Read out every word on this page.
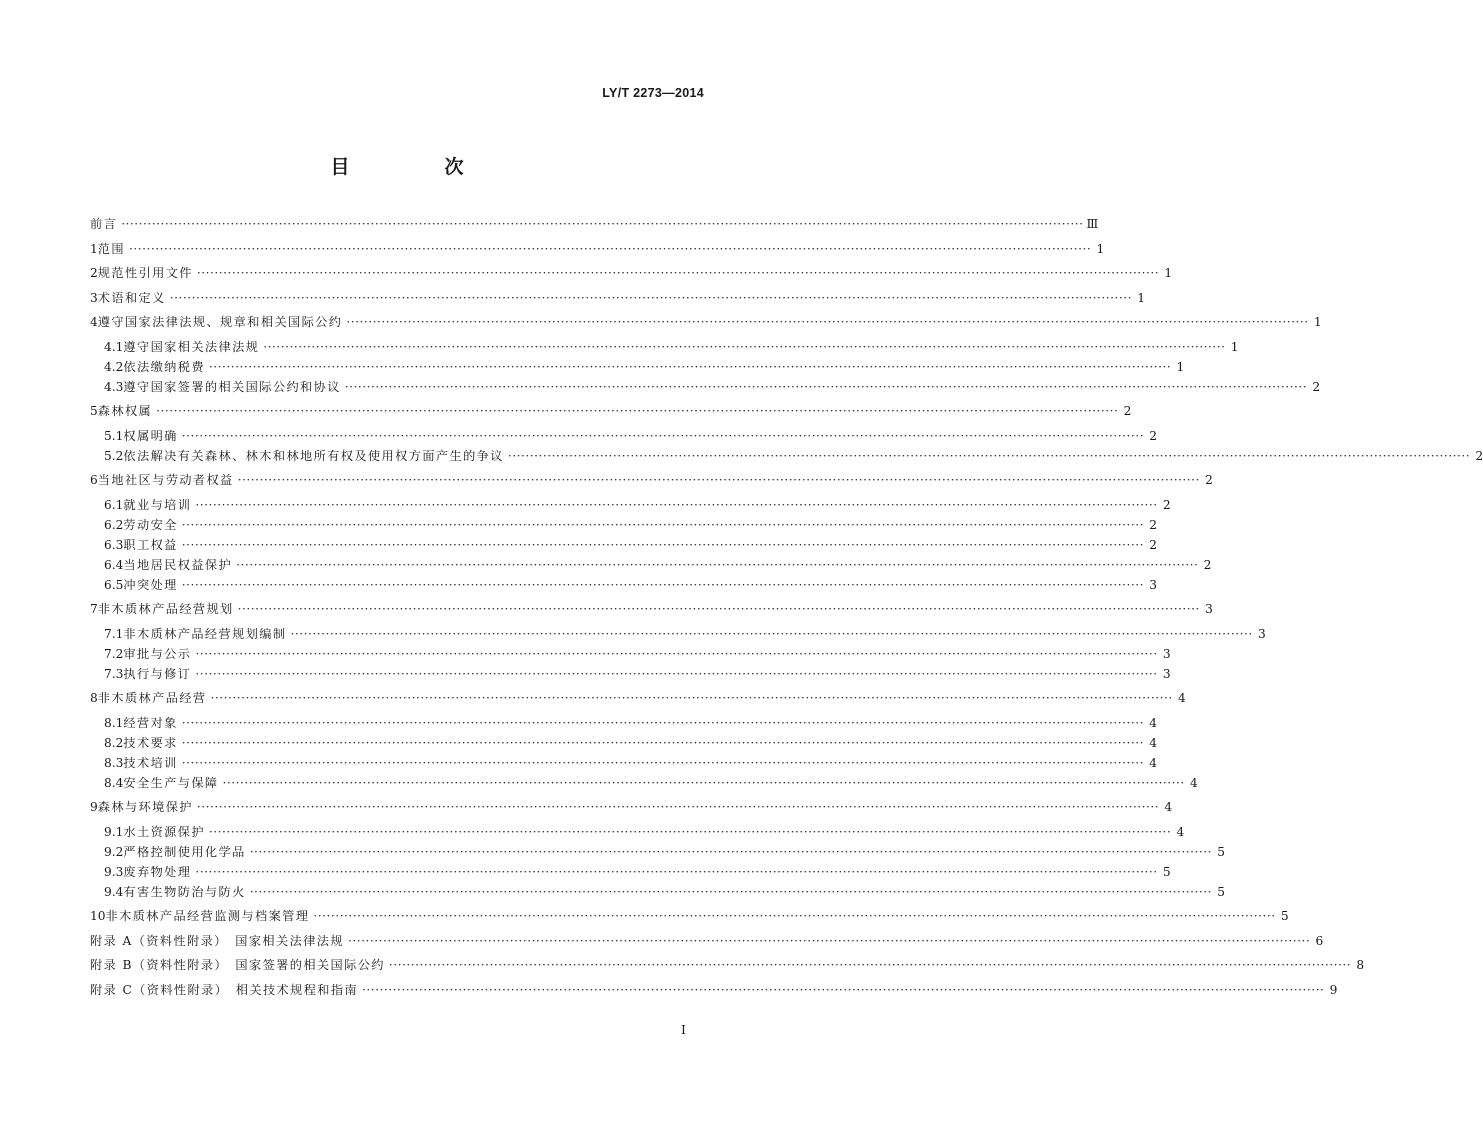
LY/T 2273—2014
目　次
前言 ···························································································································································································································· Ⅲ
1 范围 ···························································································································································································································· 1
2 规范性引用文件 ···························································································································································································································· 1
3 术语和定义 ···························································································································································································································· 1
4 遵守国家法律法规、规章和相关国际公约 ···························································································································································································································· 1
4.1 遵守国家相关法律法规 ···························································································································································································································· 1
4.2 依法缴纳税费 ···························································································································································································································· 1
4.3 遵守国家签署的相关国际公约和协议 ···························································································································································································································· 2
5 森林权属 ···························································································································································································································· 2
5.1 权属明确 ···························································································································································································································· 2
5.2 依法解决有关森林、林木和林地所有权及使用权方面产生的争议 ···························································································································································································································· 2
6 当地社区与劳动者权益 ···························································································································································································································· 2
6.1 就业与培训 ···························································································································································································································· 2
6.2 劳动安全 ···························································································································································································································· 2
6.3 职工权益 ···························································································································································································································· 2
6.4 当地居民权益保护 ···························································································································································································································· 2
6.5 冲突处理 ···························································································································································································································· 3
7 非木质林产品经营规划 ···························································································································································································································· 3
7.1 非木质林产品经营规划编制 ···························································································································································································································· 3
7.2 审批与公示 ···························································································································································································································· 3
7.3 执行与修订 ···························································································································································································································· 3
8 非木质林产品经营 ···························································································································································································································· 4
8.1 经营对象 ···························································································································································································································· 4
8.2 技术要求 ···························································································································································································································· 4
8.3 技术培训 ···························································································································································································································· 4
8.4 安全生产与保障 ···························································································································································································································· 4
9 森林与环境保护 ···························································································································································································································· 4
9.1 水土资源保护 ···························································································································································································································· 4
9.2 严格控制使用化学品 ···························································································································································································································· 5
9.3 废弃物处理 ···························································································································································································································· 5
9.4 有害生物防治与防火 ···························································································································································································································· 5
10 非木质林产品经营监测与档案管理 ···························································································································································································································· 5
附录 A（资料性附录）　国家相关法律法规 ···························································································································································································································· 6
附录 B（资料性附录）　国家签署的相关国际公约 ···························································································································································································································· 8
附录 C（资料性附录）　相关技术规程和指南 ···························································································································································································································· 9
I
